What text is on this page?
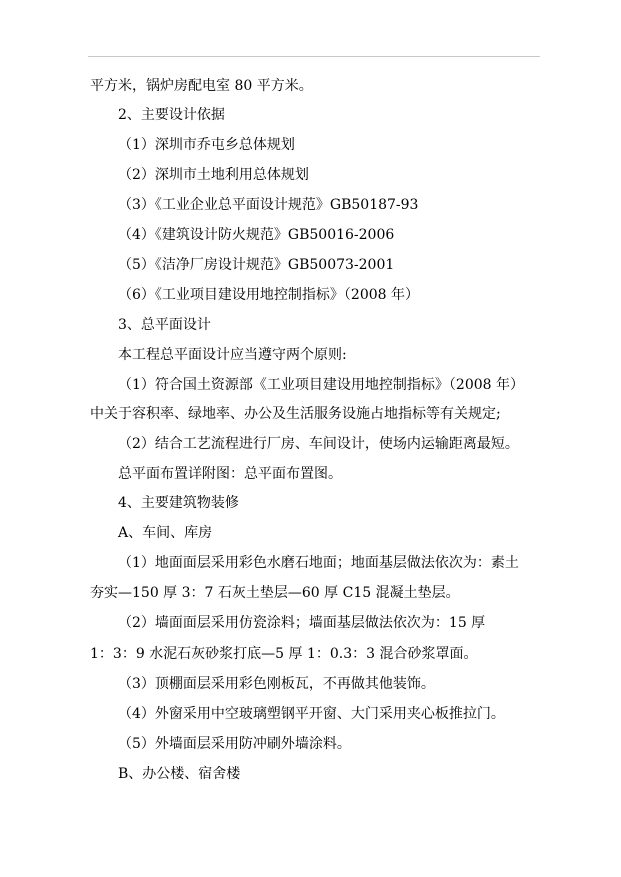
平方米，锅炉房配电室 80 平方米。
2、主要设计依据
（1）深圳市乔屯乡总体规划
（2）深圳市土地利用总体规划
（3）《工业企业总平面设计规范》GB50187-93
（4）《建筑设计防火规范》GB50016-2006
（5）《洁净厂房设计规范》GB50073-2001
（6）《工业项目建设用地控制指标》（2008 年）
3、总平面设计
本工程总平面设计应当遵守两个原则:
（1）符合国土资源部《工业项目建设用地控制指标》（2008 年）
中关于容积率、绿地率、办公及生活服务设施占地指标等有关规定;
（2）结合工艺流程进行厂房、车间设计，使场内运输距离最短。
总平面布置详附图：总平面布置图。
4、主要建筑物装修
A、车间、库房
（1）地面面层采用彩色水磨石地面；地面基层做法依次为：素土
夯实—150 厚 3：7 石灰土垫层—60 厚 C15 混凝土垫层。
（2）墙面面层采用仿瓷涂料；墙面基层做法依次为：15 厚
1：3：9 水泥石灰砂浆打底—5 厚 1：0.3：3 混合砂浆罩面。
（3）顶棚面层采用彩色刚板瓦，不再做其他装饰。
（4）外窗采用中空玻璃塑钢平开窗、大门采用夹心板推拉门。
（5）外墙面层采用防冲刷外墙涂料。
B、办公楼、宿舍楼
